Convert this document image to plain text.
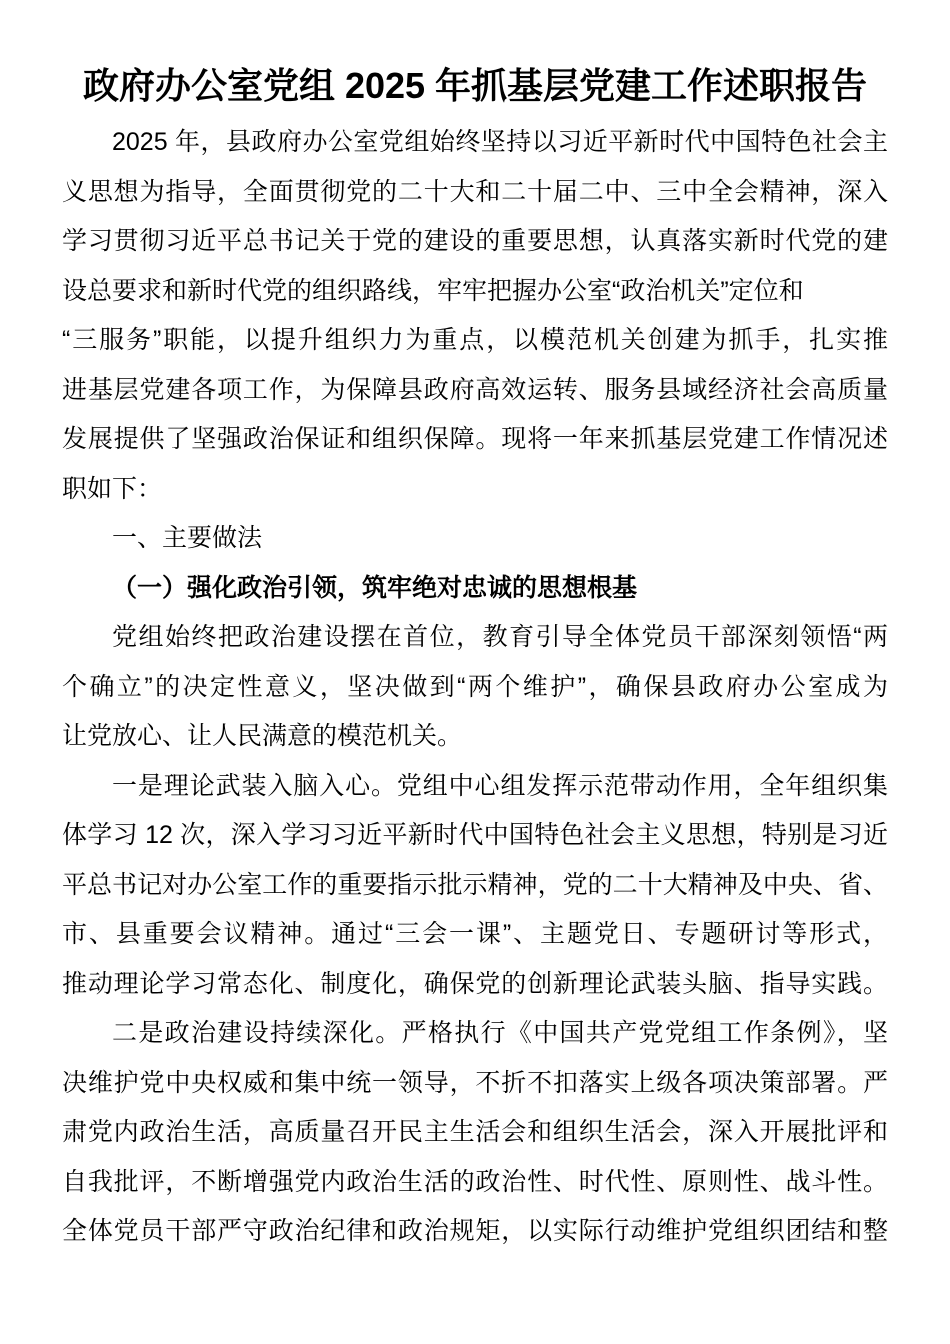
政府办公室党组 2025 年抓基层党建工作述职报告
2025 年，县政府办公室党组始终坚持以习近平新时代中国特色社会主
义思想为指导，全面贯彻党的二十大和二十届二中、三中全会精神，深入
学习贯彻习近平总书记关于党的建设的重要思想，认真落实新时代党的建
设总要求和新时代党的组织路线，牢牢把握办公室“政治机关”定位和
“三服务”职能，以提升组织力为重点，以模范机关创建为抓手，扎实推
进基层党建各项工作，为保障县政府高效运转、服务县域经济社会高质量
发展提供了坚强政治保证和组织保障。现将一年来抓基层党建工作情况述
职如下：
一、主要做法
（一）强化政治引领，筑牢绝对忠诚的思想根基
党组始终把政治建设摆在首位，教育引导全体党员干部深刻领悟“两
个确立”的决定性意义，坚决做到“两个维护”，确保县政府办公室成为
让党放心、让人民满意的模范机关。
一是理论武装入脑入心。党组中心组发挥示范带动作用，全年组织集
体学习 12 次，深入学习习近平新时代中国特色社会主义思想，特别是习近
平总书记对办公室工作的重要指示批示精神，党的二十大精神及中央、省、
市、县重要会议精神。通过“三会一课”、主题党日、专题研讨等形式，
推动理论学习常态化、制度化，确保党的创新理论武装头脑、指导实践。
二是政治建设持续深化。严格执行《中国共产党党组工作条例》，坚
决维护党中央权威和集中统一领导，不折不扣落实上级各项决策部署。严
肃党内政治生活，高质量召开民主生活会和组织生活会，深入开展批评和
自我批评，不断增强党内政治生活的政治性、时代性、原则性、战斗性。
全体党员干部严守政治纪律和政治规矩，以实际行动维护党组织团结和整
